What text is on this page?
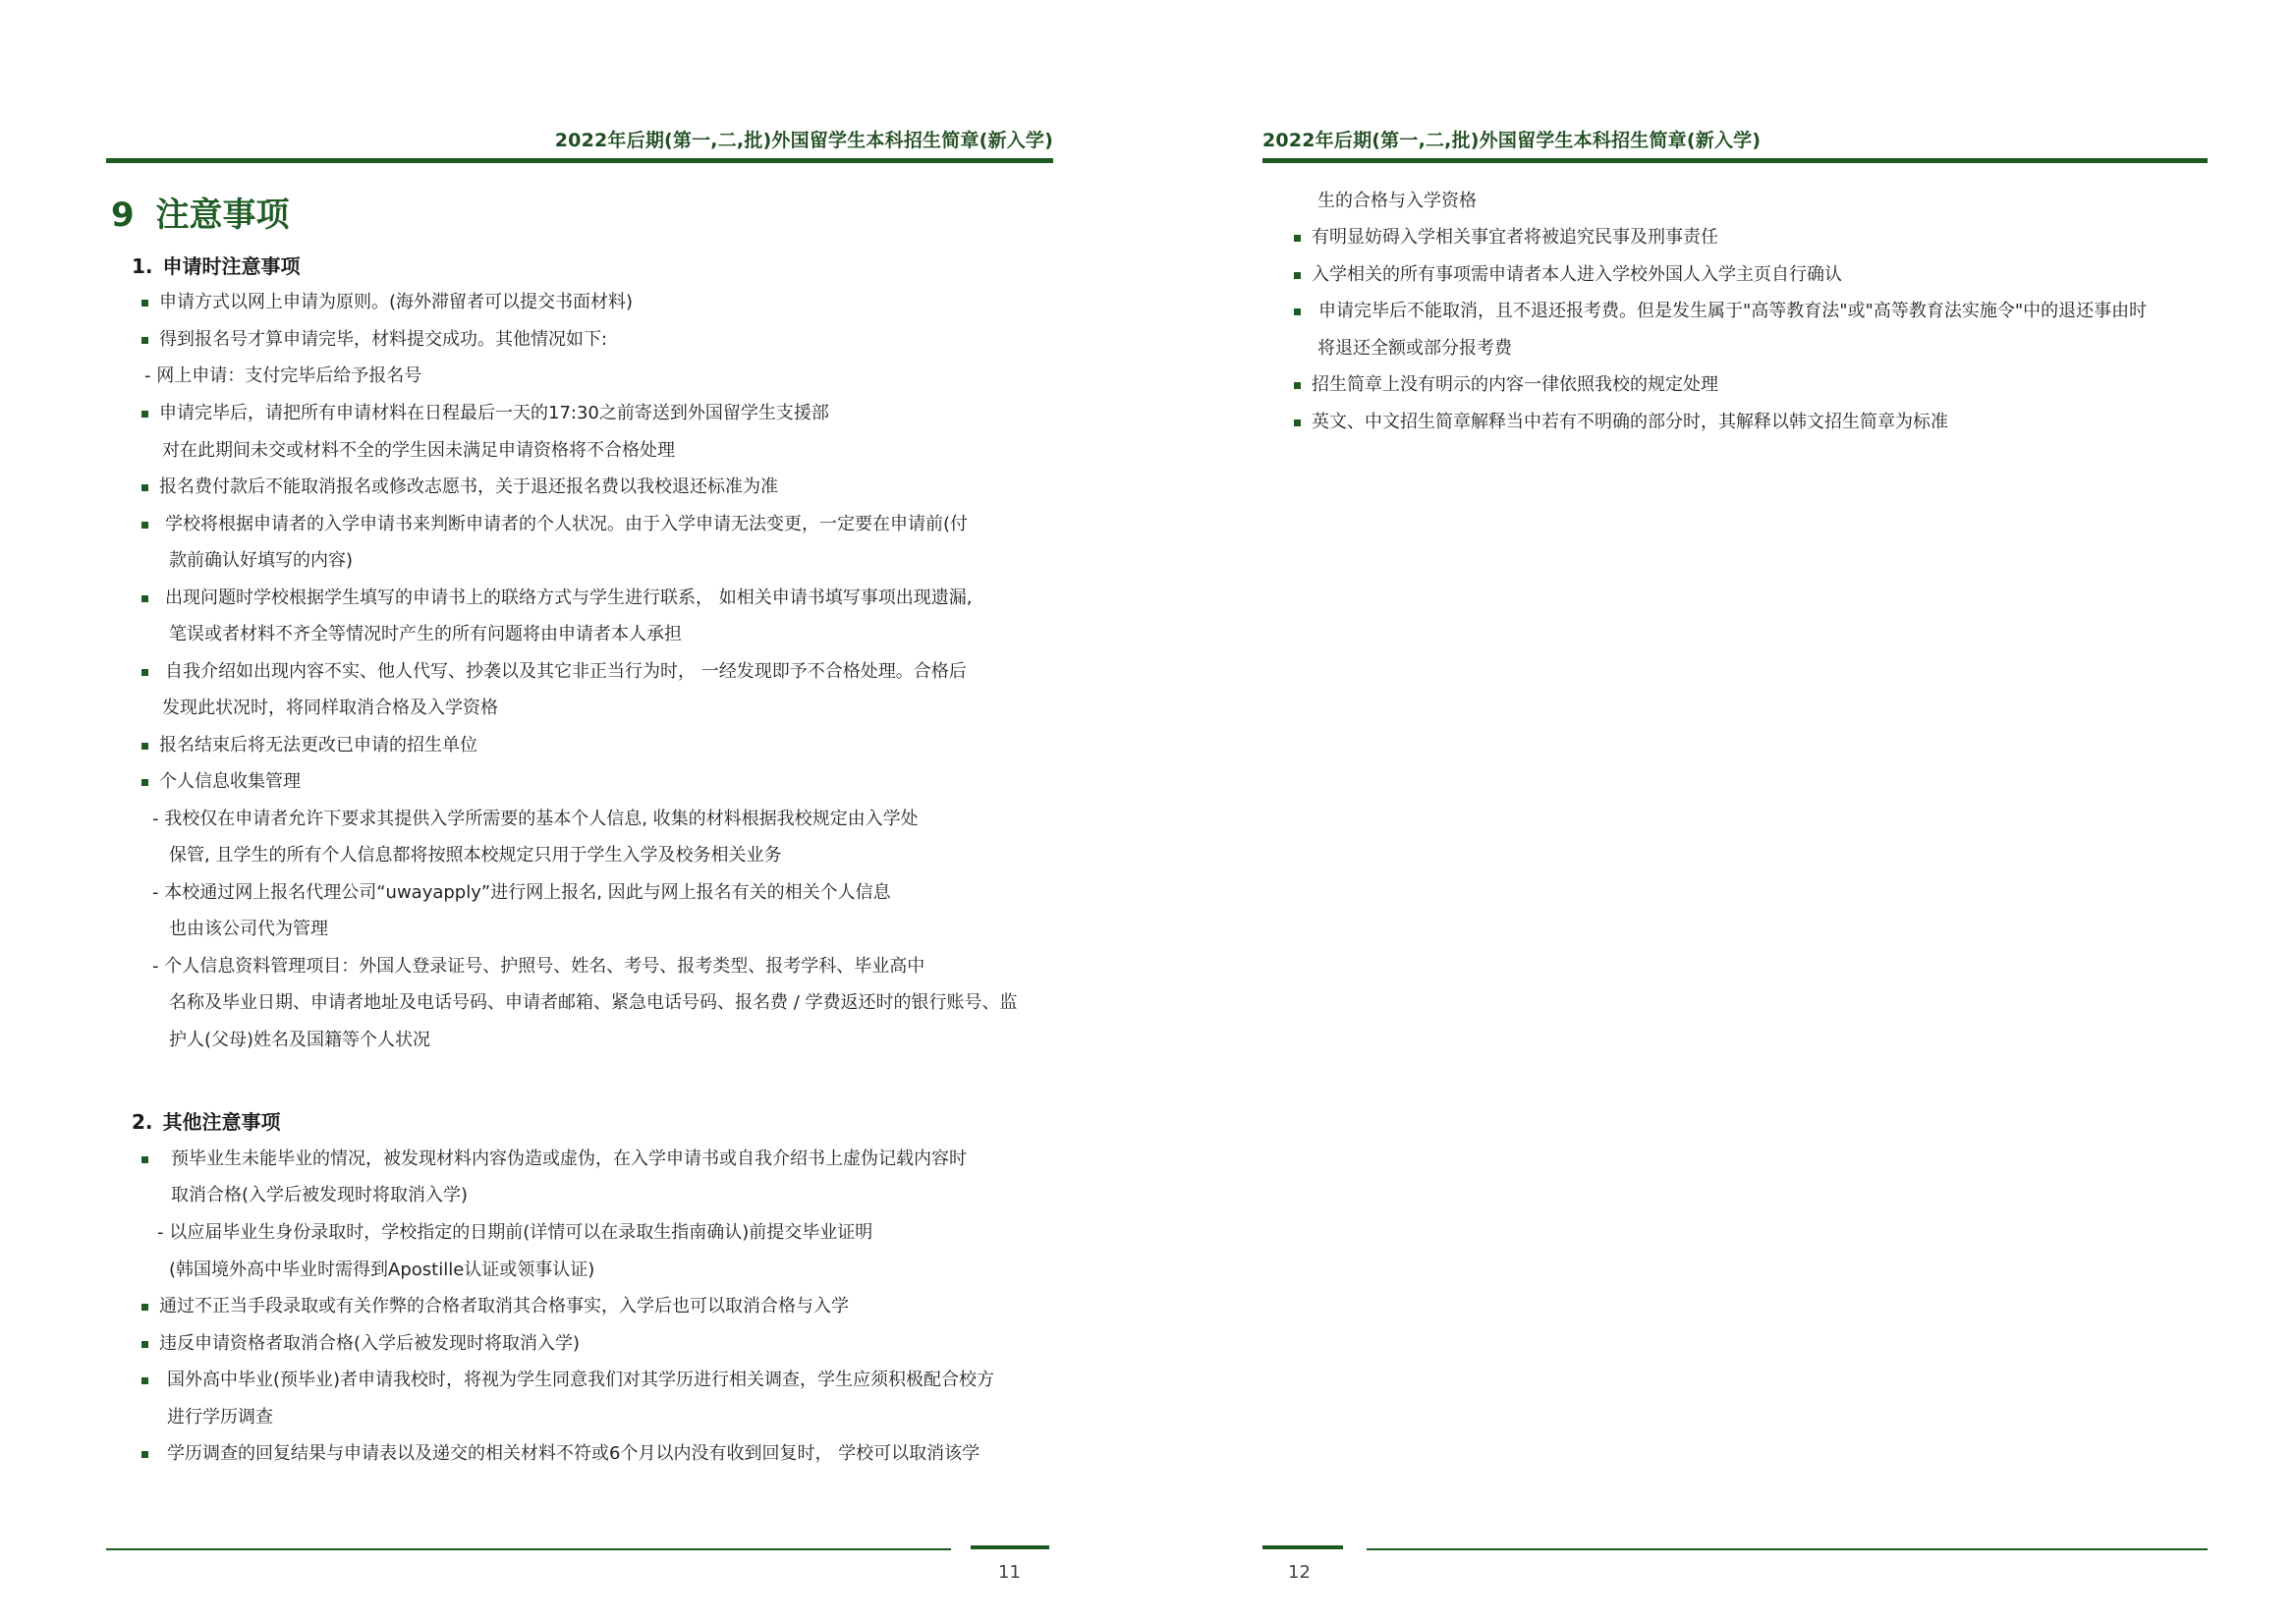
2022年后期(第一,二,批)外国留学生本科招生简章(新入学)
9 注意事项
1. 申请时注意事项
申请方式以网上申请为原则。(海外滞留者可以提交书面材料)
得到报名号才算申请完毕，材料提交成功。其他情况如下:
- 网上申请：支付完毕后给予报名号
申请完毕后，请把所有申请材料在日程最后一天的17:30之前寄送到外国留学生支援部
对在此期间未交或材料不全的学生因未满足申请资格将不合格处理
报名费付款后不能取消报名或修改志愿书，关于退还报名费以我校退还标准为准
学校将根据申请者的入学申请书来判断申请者的个人状况。由于入学申请无法变更，一定要在申请前(付
款前确认好填写的内容)
出现问题时学校根据学生填写的申请书上的联络方式与学生进行联系， 如相关申请书填写事项出现遗漏,
笔误或者材料不齐全等情况时产生的所有问题将由申请者本人承担
自我介绍如出现内容不实、他人代写、抄袭以及其它非正当行为时， 一经发现即予不合格处理。合格后
发现此状况时，将同样取消合格及入学资格
报名结束后将无法更改已申请的招生单位
个人信息收集管理
- 我校仅在申请者允许下要求其提供入学所需要的基本个人信息, 收集的材料根据我校规定由入学处
保管, 且学生的所有个人信息都将按照本校规定只用于学生入学及校务相关业务
- 本校通过网上报名代理公司“uwayapply”进行网上报名, 因此与网上报名有关的相关个人信息
也由该公司代为管理
- 个人信息资料管理项目：外国人登录证号、护照号、姓名、考号、报考类型、报考学科、毕业高中
名称及毕业日期、申请者地址及电话号码、申请者邮箱、紧急电话号码、报名费 / 学费返还时的银行账号、监
护人(父母)姓名及国籍等个人状况
2. 其他注意事项
预毕业生未能毕业的情况，被发现材料内容伪造或虚伪，在入学申请书或自我介绍书上虚伪记载内容时
取消合格(入学后被发现时将取消入学)
- 以应届毕业生身份录取时，学校指定的日期前(详情可以在录取生指南确认)前提交毕业证明
(韩国境外高中毕业时需得到Apostille认证或领事认证)
通过不正当手段录取或有关作弊的合格者取消其合格事实，入学后也可以取消合格与入学
违反申请资格者取消合格(入学后被发现时将取消入学)
国外高中毕业(预毕业)者申请我校时，将视为学生同意我们对其学历进行相关调查，学生应须积极配合校方
进行学历调查
学历调查的回复结果与申请表以及递交的相关材料不符或6个月以内没有收到回复时， 学校可以取消该学
11
2022年后期(第一,二,批)外国留学生本科招生简章(新入学)
生的合格与入学资格
有明显妨碍入学相关事宜者将被追究民事及刑事责任
入学相关的所有事项需申请者本人进入学校外国人入学主页自行确认
申请完毕后不能取消，且不退还报考费。但是发生属于"高等教育法"或"高等教育法实施令"中的退还事由时
将退还全额或部分报考费
招生简章上没有明示的内容一律依照我校的规定处理
英文、中文招生简章解释当中若有不明确的部分时，其解释以韩文招生简章为标准
12
